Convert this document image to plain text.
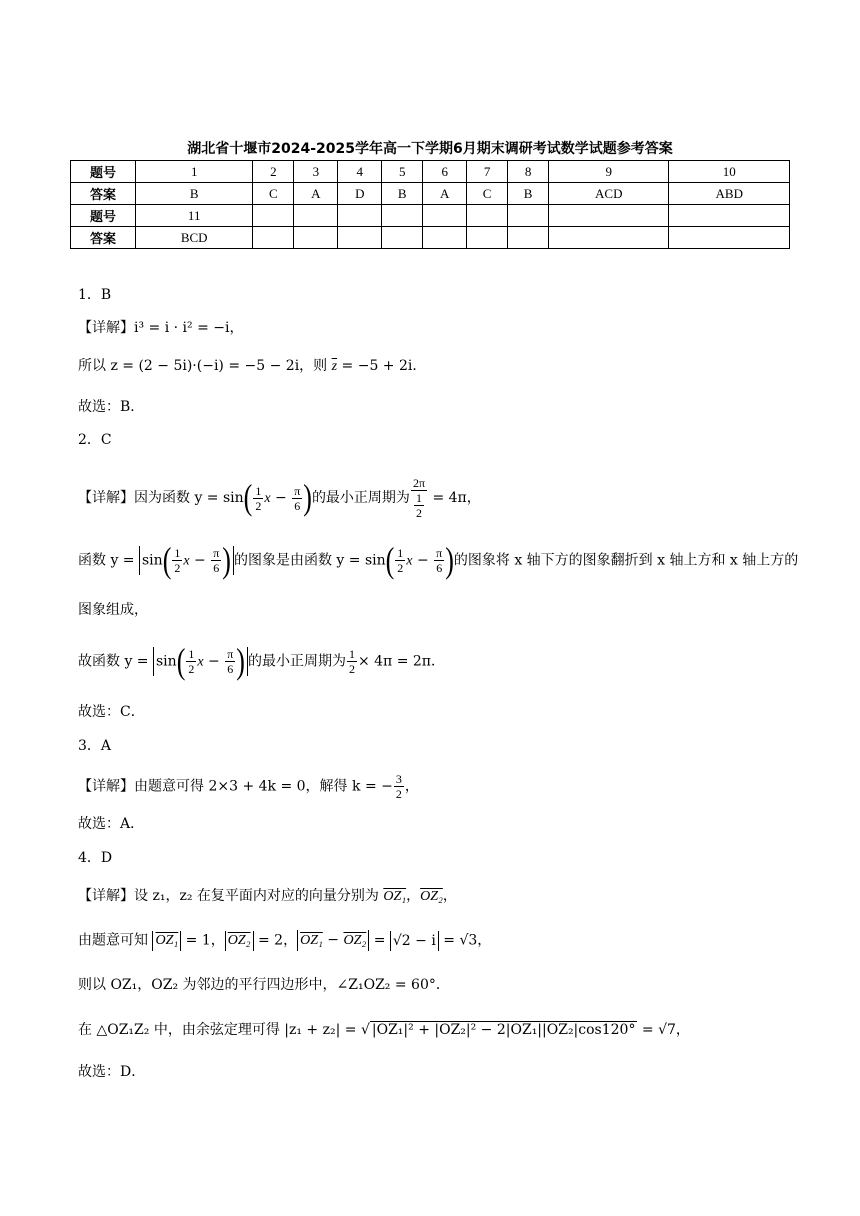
湖北省十堰市2024-2025学年高一下学期6月期末调研考试数学试题参考答案
题号	1	2	3	4	5	6	7	8	9	10
答案	B	C	A	D	B	A	C	B	ACD	ABD
题号	11									
答案	BCD									
1．B
【详解】i³ = i · i² = −i，
所以 z = (2 − 5i)·(−i) = −5 − 2i，则 $\overline{z} = -5 + 2i$．
故选：B．
2．C
【详解】因为函数 $y = \sin( \frac{1}{2}$ $x - \frac{\pi}{6}$ )的最小正周期为 $\frac{2\pi}{\frac{1}{2}} = 4\pi$，
函数 $y = \sin( \frac{1}{2}$ $x - \frac{\pi}{6}$ ) 的图象是由函数 $y = \sin( \frac{1}{2}$ $x - \frac{\pi}{6}$ )的图象将 x 轴下方的图象翻折到 x 轴上方和 x 轴上方的
图象组成，
故函数 $y = \sin( \frac{1}{2}$ $x - \frac{\pi}{6}$ ) 的最小正周期为 $\frac{1}{2} \times 4\pi = 2\pi$．
故选：C．
3．A
【详解】由题意可得 2×3 + 4k = 0，解得 k = − $\frac{3}{2}$ ，
故选：A．
4．D
【详解】设 z₁，z₂ 在复平面内对应的向量分别为 OZ₁，OZ₂，
由题意可知 OZ₁ = 1， OZ₂ = 2， OZ₁ − OZ₂ = √2 − i = √3，
则以 OZ₁，OZ₂ 为邻边的平行四边形中，∠Z₁OZ₂ = 60°．
在 △OZ₁Z₂ 中，由余弦定理可得 |z₁ + z₂| = √ |OZ₁|² + |OZ₂|² − 2|OZ₁||OZ₂|cos120° = √7，
故选：D．
